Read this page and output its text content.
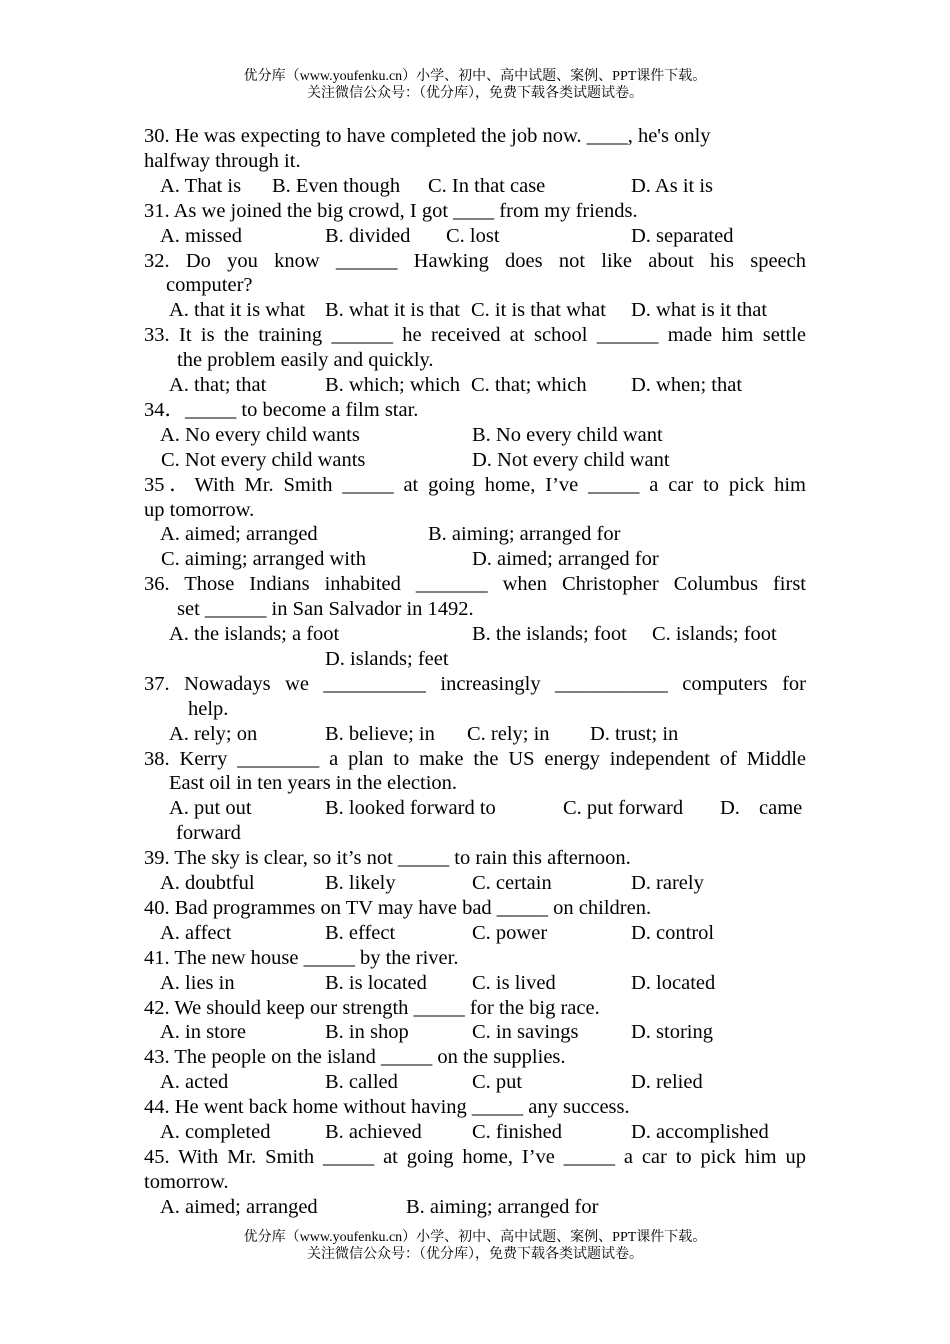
优分库（www.youfenku.cn）小学、初中、高中试题、案例、PPT课件下载。
关注微信公众号：（优分库），免费下载各类试题试卷。
30. He was expecting to have completed the job now. ____, he's only
halfway through it.
A. That is B. Even though C. In that case	D. As it is
31. As we joined the big crowd, I got ____ from my friends.
A. missed	B. divided C. lost	D. separated
32. Do you know ______ Hawking does not like about his speech
computer?
A. that it is what B. what it is that C. it is that what D. what is it that
33. It is the training ______ he received at school ______ made him settle
the problem easily and quickly.
A. that; that	B. which; which C. that; which D. when; that
34．_____ to become a film star.
A. No every child wants	B. No every child want
C. Not every child wants	D. Not every child want
35．With Mr. Smith _____ at going home, I’ve _____ a car to pick him
up tomorrow.
A. aimed; arranged	B. aiming; arranged for
C. aiming; arranged with	D. aimed; arranged for
36. Those Indians inhabited _______ when Christopher Columbus first
set ______ in San Salvador in 1492.
A. the islands; a foot	B. the islands; foot C. islands; foot
D. islands; feet
37. Nowadays we __________ increasingly ___________ computers for
help.
A. rely; on	B. believe; in C. rely; in D. trust; in
38. Kerry ________ a plan to make the US energy independent of Middle
East oil in ten years in the election.
A. put out	B. looked forward to	C. put forward D. came
forward
39. The sky is clear, so it’s not _____ to rain this afternoon.
A. doubtful	B. likely	C. certain	D. rarely
40. Bad programmes on TV may have bad _____ on children.
A. affect	B. effect	C. power	D. control
41. The new house _____ by the river.
A. lies in	B. is located C. is lived	D. located
42. We should keep our strength _____ for the big race.
A. in store	B. in shop	C. in savings	D. storing
43. The people on the island _____ on the supplies.
A. acted	B. called	C. put	D. relied
44. He went back home without having _____ any success.
A. completed	B. achieved C. finished	D. accomplished
45. With Mr. Smith _____ at going home, I’ve _____ a car to pick him up
tomorrow.
A. aimed; arranged	B. aiming; arranged for
优分库（www.youfenku.cn）小学、初中、高中试题、案例、PPT课件下载。
关注微信公众号：（优分库），免费下载各类试题试卷。
